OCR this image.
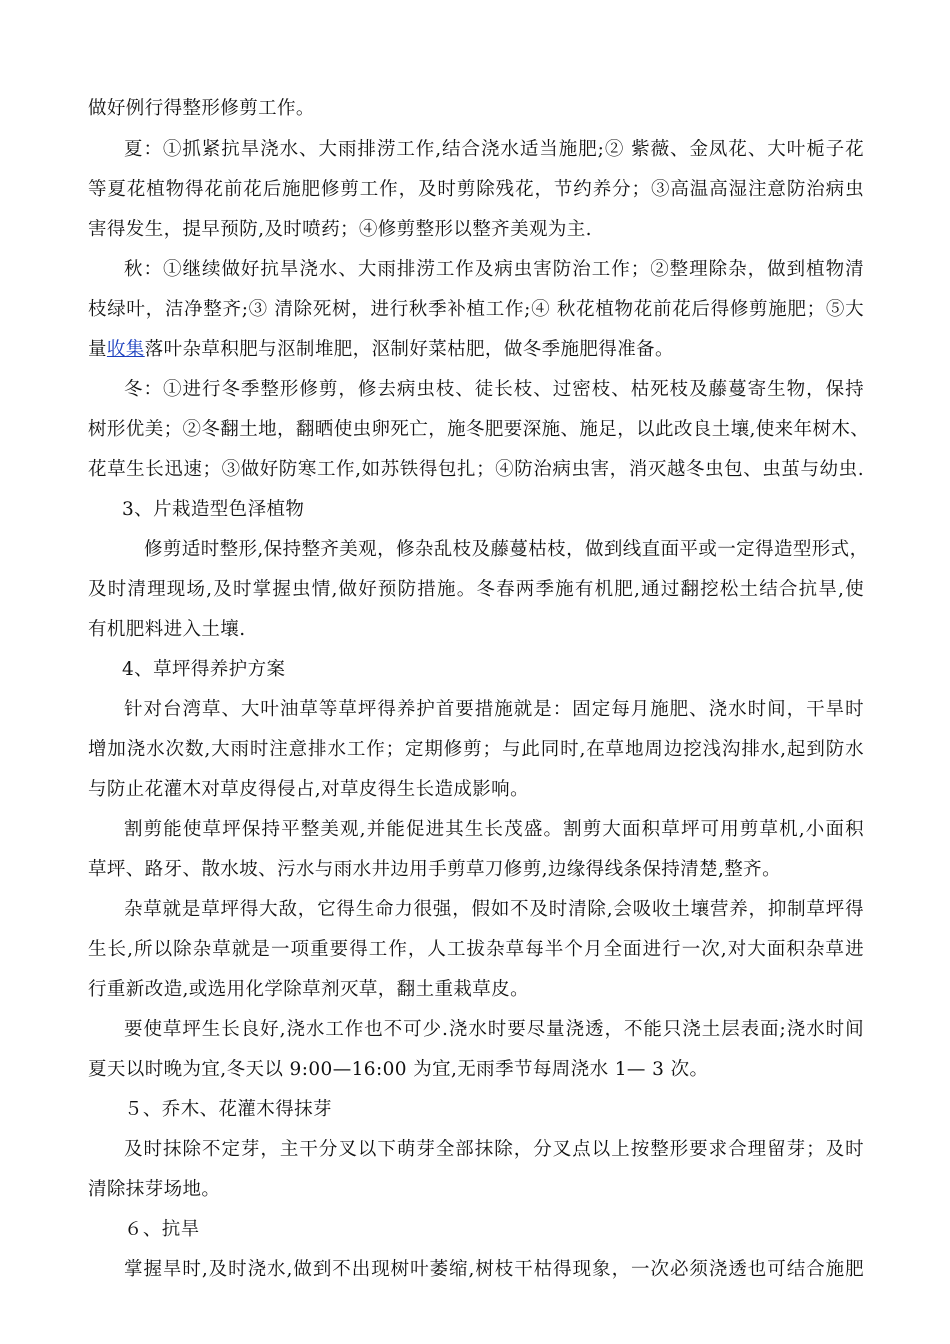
做好例行得整形修剪工作。
夏：①抓紧抗旱浇水、大雨排涝工作,结合浇水适当施肥;② 紫薇、金凤花、大叶栀子花
等夏花植物得花前花后施肥修剪工作，及时剪除残花，节约养分；③高温高湿注意防治病虫
害得发生，提早预防,及时喷药；④修剪整形以整齐美观为主.
秋：①继续做好抗旱浇水、大雨排涝工作及病虫害防治工作；②整理除杂，做到植物清
枝绿叶，洁净整齐;③ 清除死树，进行秋季补植工作;④ 秋花植物花前花后得修剪施肥；⑤大
量收集落叶杂草积肥与沤制堆肥，沤制好菜枯肥，做冬季施肥得准备。
冬：①进行冬季整形修剪，修去病虫枝、徒长枝、过密枝、枯死枝及藤蔓寄生物，保持
树形优美；②冬翻土地，翻晒使虫卵死亡，施冬肥要深施、施足，以此改良土壤,使来年树木、
花草生长迅速；③做好防寒工作,如苏铁得包扎；④防治病虫害，消灭越冬虫包、虫茧与幼虫.
3、片栽造型色泽植物
修剪适时整形,保持整齐美观，修杂乱枝及藤蔓枯枝，做到线直面平或一定得造型形式，
及时清理现场,及时掌握虫情,做好预防措施。冬春两季施有机肥,通过翻挖松土结合抗旱,使
有机肥料进入土壤.
4、草坪得养护方案
针对台湾草、大叶油草等草坪得养护首要措施就是：固定每月施肥、浇水时间，干旱时
增加浇水次数,大雨时注意排水工作；定期修剪；与此同时,在草地周边挖浅沟排水,起到防水
与防止花灌木对草皮得侵占,对草皮得生长造成影响。
割剪能使草坪保持平整美观,并能促进其生长茂盛。割剪大面积草坪可用剪草机,小面积
草坪、路牙、散水坡、污水与雨水井边用手剪草刀修剪,边缘得线条保持清楚,整齐。
杂草就是草坪得大敌，它得生命力很强，假如不及时清除,会吸收土壤营养，抑制草坪得
生长,所以除杂草就是一项重要得工作，人工拔杂草每半个月全面进行一次,对大面积杂草进
行重新改造,或选用化学除草剂灭草，翻土重栽草皮。
要使草坪生长良好,浇水工作也不可少.浇水时要尽量浇透，不能只浇土层表面;浇水时间
夏天以时晚为宜,冬天以 9:00—16:00 为宜,无雨季节每周浇水 1— 3 次。
５、乔木、花灌木得抹芽
及时抹除不定芽，主干分叉以下萌芽全部抹除，分叉点以上按整形要求合理留芽；及时
清除抹芽场地。
６、抗旱
掌握旱时,及时浇水,做到不出现树叶萎缩,树枝干枯得现象，一次必须浇透也可结合施肥
